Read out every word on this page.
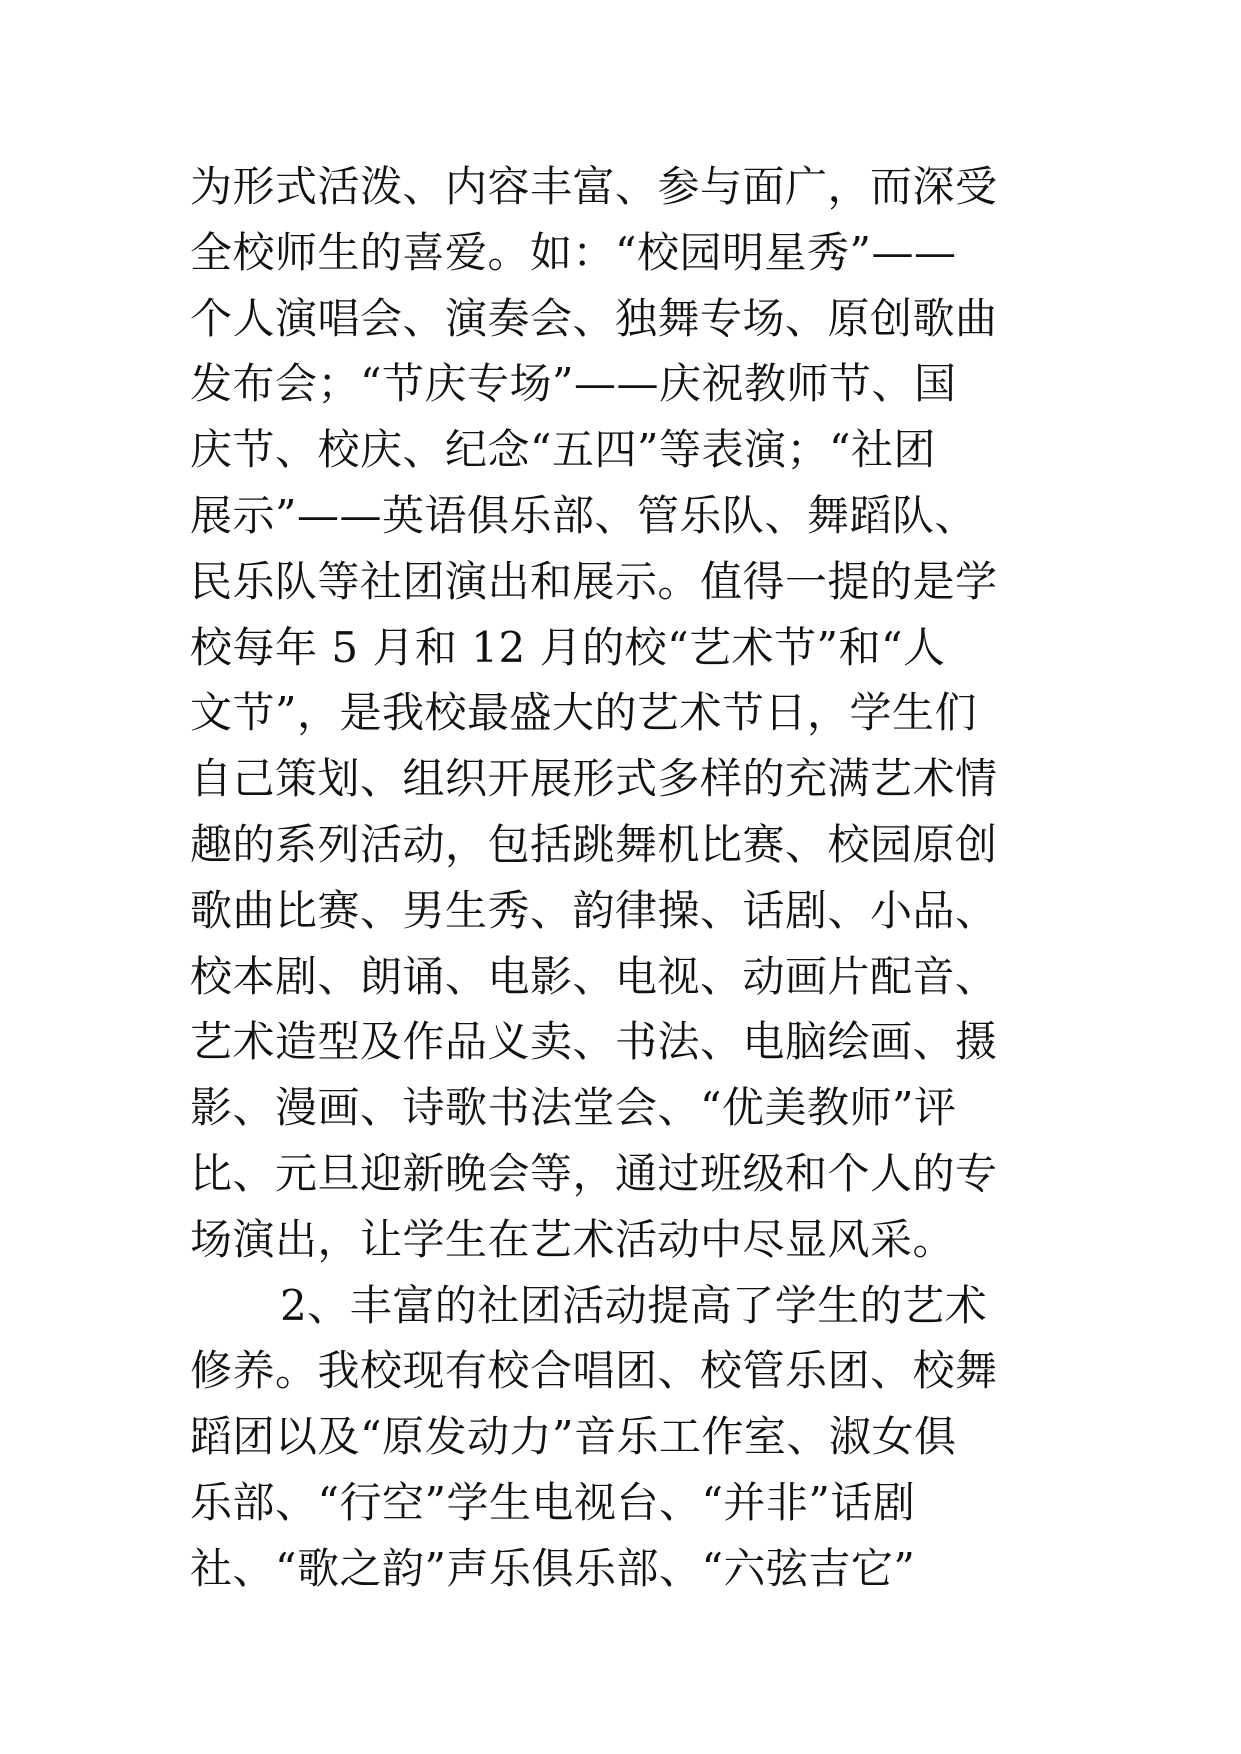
为形式活泼、内容丰富、参与面广，而深受
全校师生的喜爱。如：“校园明星秀”——
个人演唱会、演奏会、独舞专场、原创歌曲
发布会；“节庆专场”——庆祝教师节、国
庆节、校庆、纪念“五四”等表演；“社团
展示”——英语俱乐部、管乐队、舞蹈队、
民乐队等社团演出和展示。值得一提的是学
校每年 5 月和 12 月的校“艺术节”和“人
文节”，是我校最盛大的艺术节日，学生们
自己策划、组织开展形式多样的充满艺术情
趣的系列活动，包括跳舞机比赛、校园原创
歌曲比赛、男生秀、韵律操、话剧、小品、
校本剧、朗诵、电影、电视、动画片配音、
艺术造型及作品义卖、书法、电脑绘画、摄
影、漫画、诗歌书法堂会、“优美教师”评
比、元旦迎新晚会等，通过班级和个人的专
场演出，让学生在艺术活动中尽显风采。
2、丰富的社团活动提高了学生的艺术
修养。我校现有校合唱团、校管乐团、校舞
蹈团以及“原发动力”音乐工作室、淑女俱
乐部、“行空”学生电视台、“并非”话剧
社、“歌之韵”声乐俱乐部、“六弦吉它”
